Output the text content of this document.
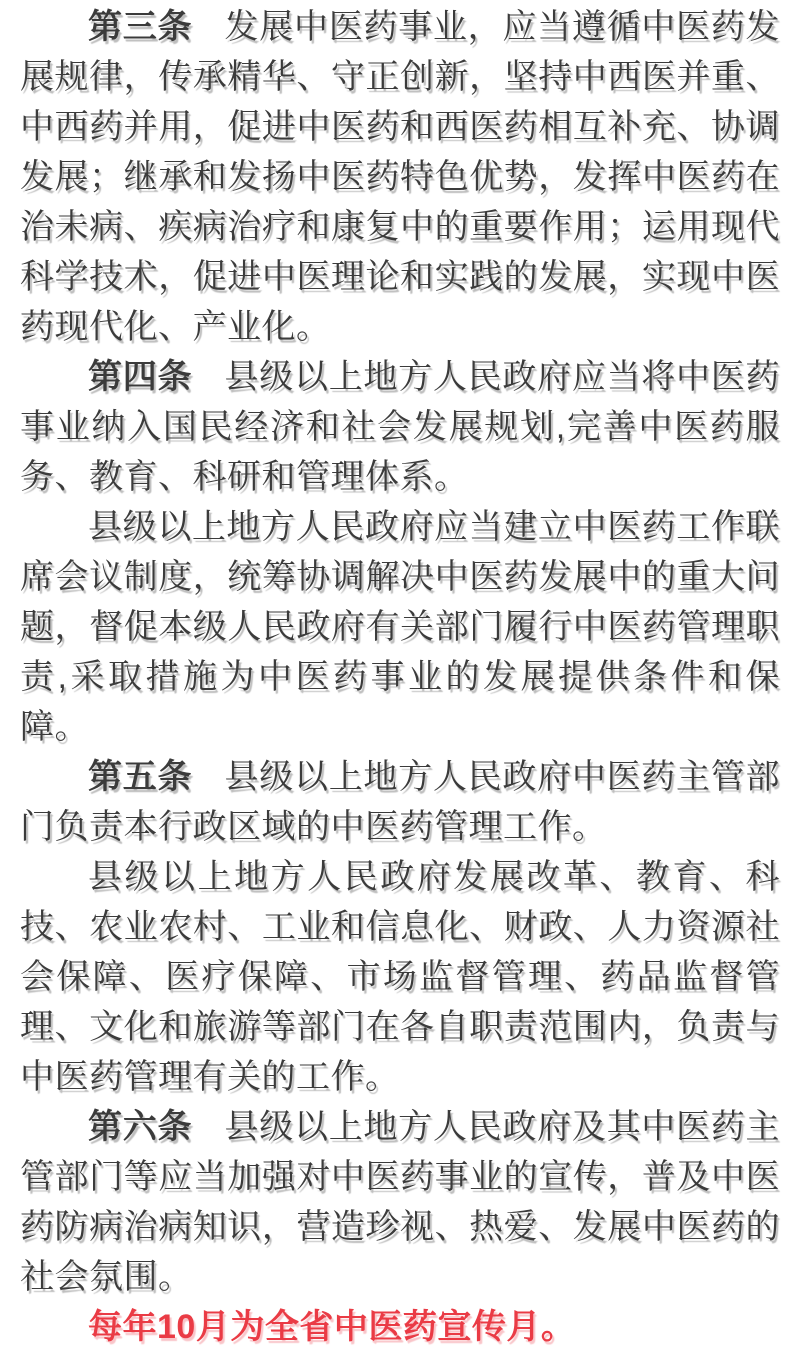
第三条 发展中医药事业，应当遵循中医药发展规律，传承精华、守正创新，坚持中西医并重、中西药并用，促进中医药和西医药相互补充、协调发展；继承和发扬中医药特色优势，发挥中医药在治未病、疾病治疗和康复中的重要作用；运用现代科学技术，促进中医理论和实践的发展，实现中医药现代化、产业化。

第四条 县级以上地方人民政府应当将中医药事业纳入国民经济和社会发展规划,完善中医药服务、教育、科研和管理体系。

县级以上地方人民政府应当建立中医药工作联席会议制度，统筹协调解决中医药发展中的重大问题，督促本级人民政府有关部门履行中医药管理职责,采取措施为中医药事业的发展提供条件和保障。

第五条 县级以上地方人民政府中医药主管部门负责本行政区域的中医药管理工作。

县级以上地方人民政府发展改革、教育、科技、农业农村、工业和信息化、财政、人力资源社会保障、医疗保障、市场监督管理、药品监督管理、文化和旅游等部门在各自职责范围内，负责与中医药管理有关的工作。

第六条 县级以上地方人民政府及其中医药主管部门等应当加强对中医药事业的宣传，普及中医药防病治病知识，营造珍视、热爱、发展中医药的社会氛围。

每年10月为全省中医药宣传月。
